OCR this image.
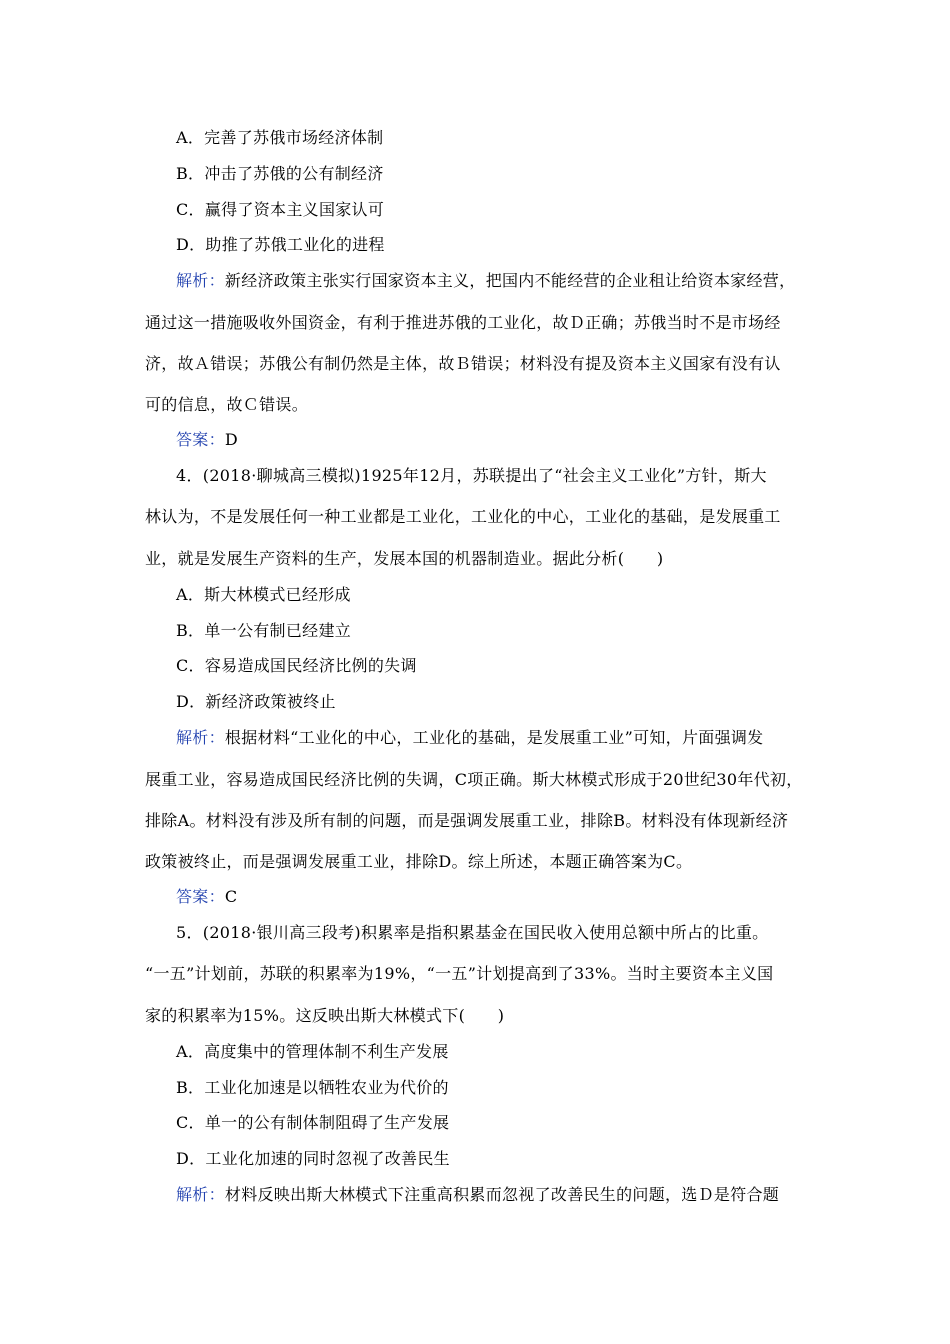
A．完善了苏俄市场经济体制
B．冲击了苏俄的公有制经济
C．赢得了资本主义国家认可
D．助推了苏俄工业化的进程
解析：新经济政策主张实行国家资本主义，把国内不能经营的企业租让给资本家经营，
通过这一措施吸收外国资金，有利于推进苏俄的工业化，故Ｄ正确；苏俄当时不是市场经
济，故Ａ错误；苏俄公有制仍然是主体，故Ｂ错误；材料没有提及资本主义国家有没有认
可的信息，故Ｃ错误。
答案：D
4．(2018·聊城高三模拟)1925年12月，苏联提出了“社会主义工业化”方针，斯大
林认为，不是发展任何一种工业都是工业化，工业化的中心，工业化的基础，是发展重工
业，就是发展生产资料的生产，发展本国的机器制造业。据此分析(　　)
A．斯大林模式已经形成
B．单一公有制已经建立
C．容易造成国民经济比例的失调
D．新经济政策被终止
解析：根据材料“工业化的中心，工业化的基础，是发展重工业”可知，片面强调发
展重工业，容易造成国民经济比例的失调，C项正确。斯大林模式形成于20世纪30年代初，
排除A。材料没有涉及所有制的问题，而是强调发展重工业，排除B。材料没有体现新经济
政策被终止，而是强调发展重工业，排除D。综上所述，本题正确答案为C。
答案：C
5．(2018·银川高三段考)积累率是指积累基金在国民收入使用总额中所占的比重。
“一五”计划前，苏联的积累率为19%，“一五”计划提高到了33%。当时主要资本主义国
家的积累率为15%。这反映出斯大林模式下(　　)
A．高度集中的管理体制不利生产发展
B．工业化加速是以牺牲农业为代价的
C．单一的公有制体制阻碍了生产发展
D．工业化加速的同时忽视了改善民生
解析：材料反映出斯大林模式下注重高积累而忽视了改善民生的问题，选Ｄ是符合题
